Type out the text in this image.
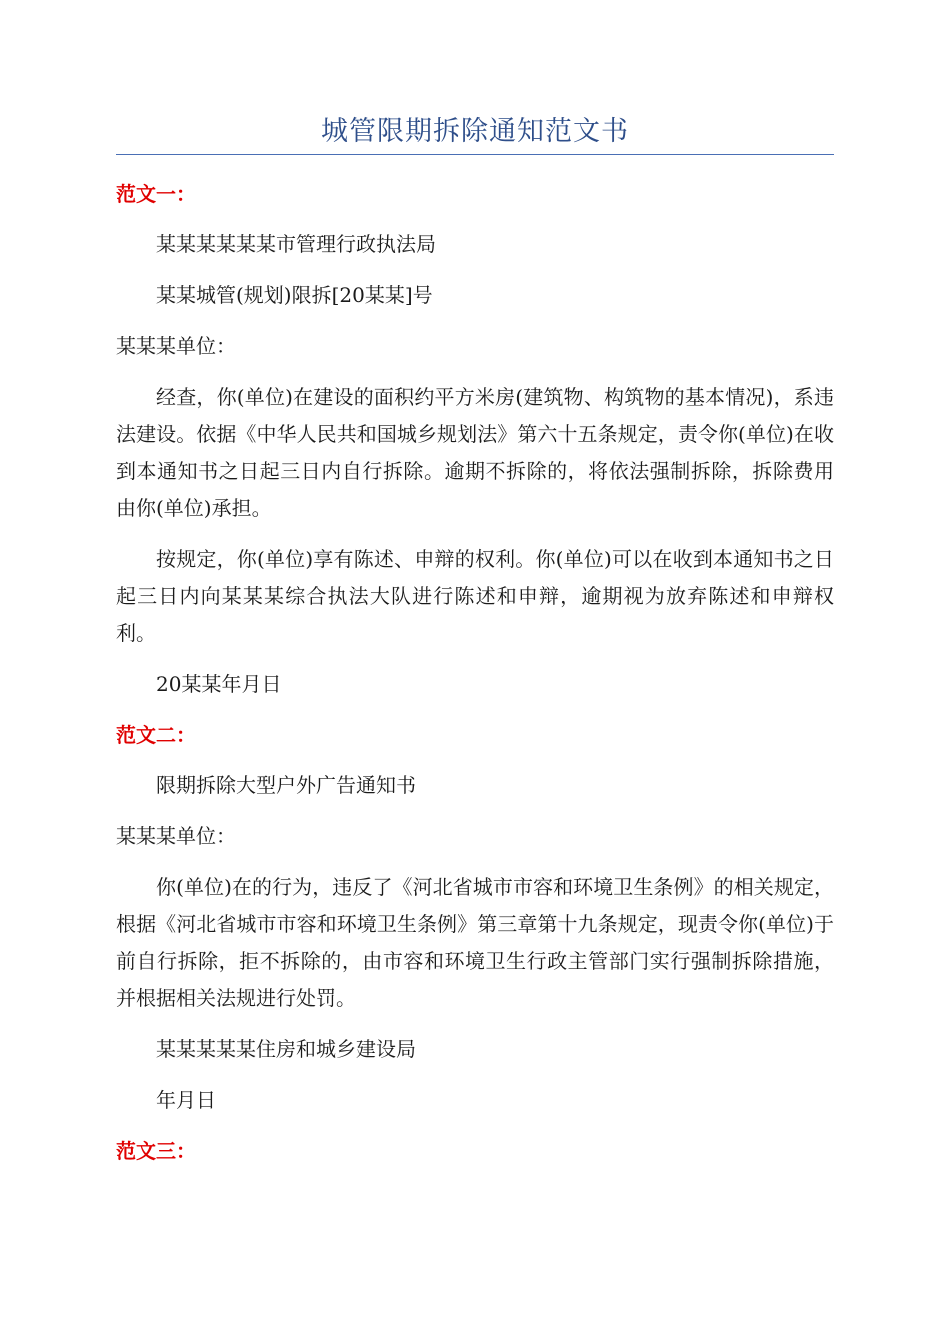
城管限期拆除通知范文书
范文一：

某某某某某某市管理行政执法局

某某城管(规划)限拆[20某某]号

某某某单位：

经查，你(单位)在建设的面积约平方米房(建筑物、构筑物的基本情况)，系违法建设。依据《中华人民共和国城乡规划法》第六十五条规定，责令你(单位)在收到本通知书之日起三日内自行拆除。逾期不拆除的，将依法强制拆除，拆除费用由你(单位)承担。

按规定，你(单位)享有陈述、申辩的权利。你(单位)可以在收到本通知书之日起三日内向某某某综合执法大队进行陈述和申辩，逾期视为放弃陈述和申辩权利。

20某某年月日

范文二：

限期拆除大型户外广告通知书

某某某单位：

你(单位)在的行为，违反了《河北省城市市容和环境卫生条例》的相关规定，根据《河北省城市市容和环境卫生条例》第三章第十九条规定，现责令你(单位)于前自行拆除，拒不拆除的，由市容和环境卫生行政主管部门实行强制拆除措施，并根据相关法规进行处罚。

某某某某某住房和城乡建设局

年月日

范文三：
